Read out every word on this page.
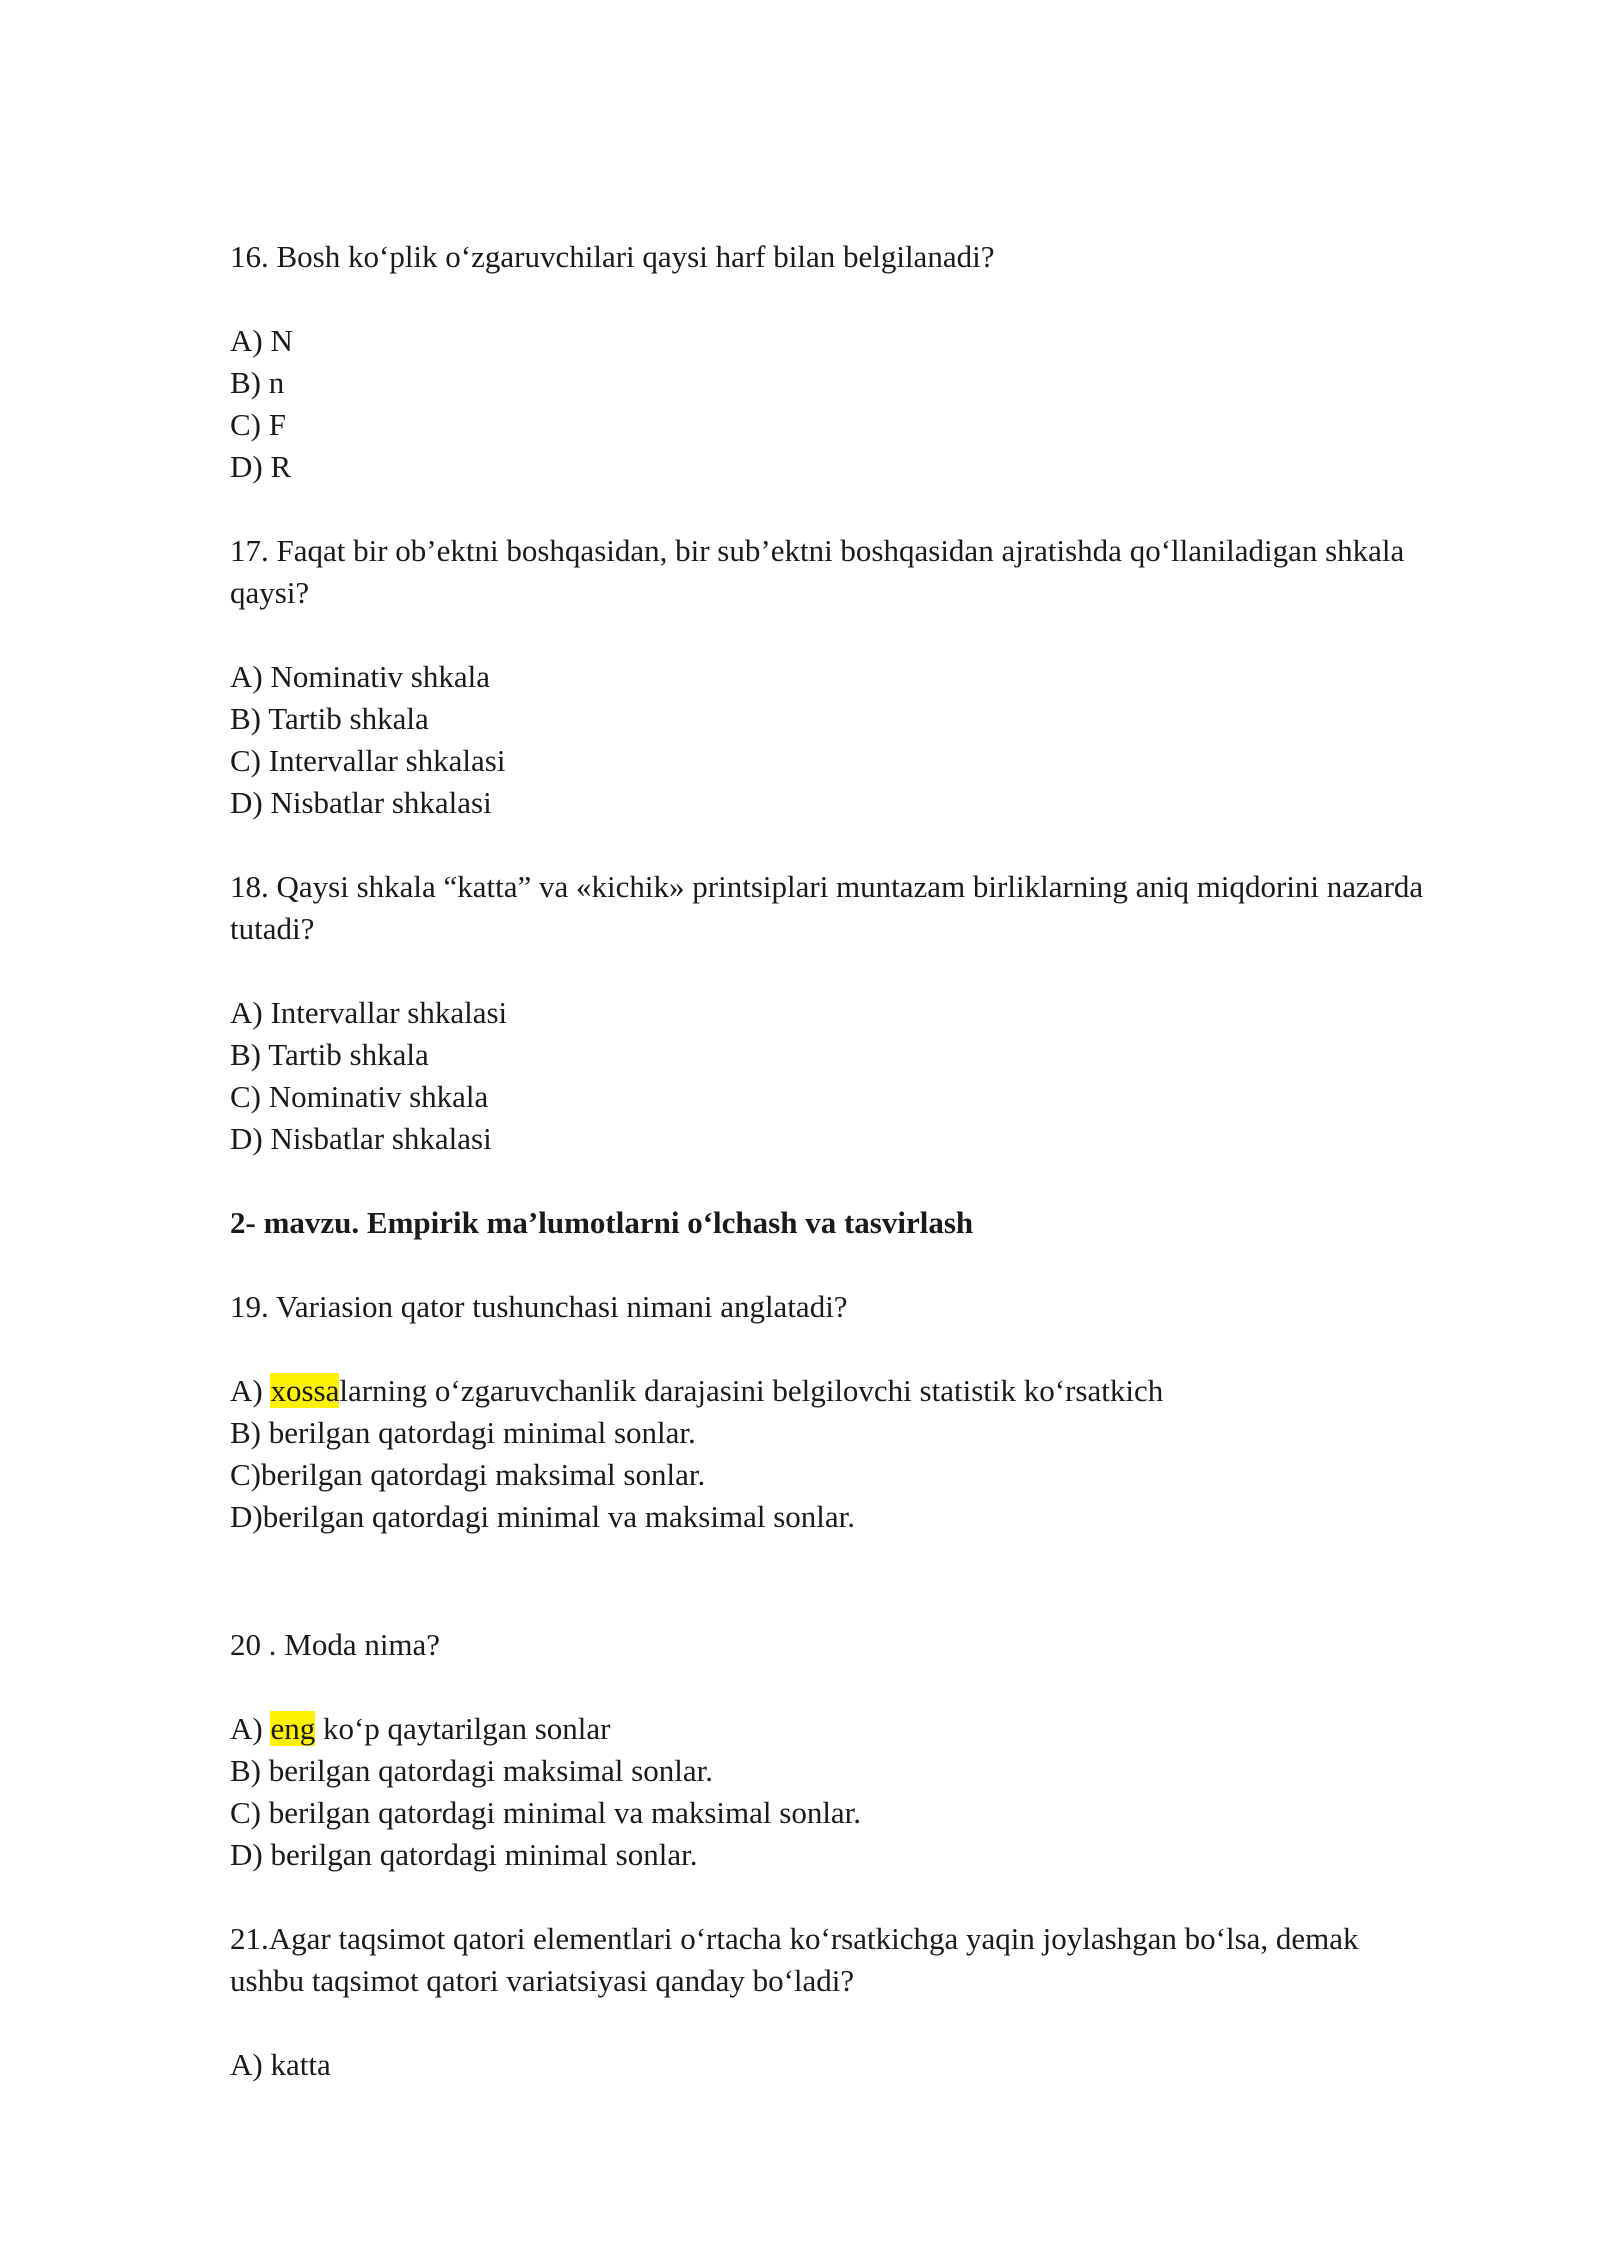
16. Bosh ko‘plik o‘zgaruvchilari qaysi harf bilan belgilanadi?

A) N

B) n

C) F

D) R

17. Faqat bir ob’ektni boshqasidan, bir sub’ektni boshqasidan ajratishda qo‘llaniladigan shkala

qaysi?

A) Nominativ shkala

B) Tartib shkala

C) Intervallar shkalasi

D) Nisbatlar shkalasi

18. Qaysi shkala “katta” va «kichik» printsiplari muntazam birliklarning aniq miqdorini nazarda

tutadi?

A) Intervallar shkalasi

B) Tartib shkala

C) Nominativ shkala

D) Nisbatlar shkalasi

2- mavzu. Empirik ma’lumotlarni o‘lchash va tasvirlash

19. Variasion qator tushunchasi nimani anglatadi?

A) xossalarning o‘zgaruvchanlik darajasini belgilovchi statistik ko‘rsatkich

B) berilgan qatordagi minimal sonlar.

C)berilgan qatordagi maksimal sonlar.

D)berilgan qatordagi minimal va maksimal sonlar.

20 . Moda nima?

A) eng ko‘p qaytarilgan sonlar

B) berilgan qatordagi maksimal sonlar.

C) berilgan qatordagi minimal va maksimal sonlar.

D) berilgan qatordagi minimal sonlar.

21.Agar taqsimot qatori elementlari o‘rtacha ko‘rsatkichga yaqin joylashgan bo‘lsa, demak

ushbu taqsimot qatori variatsiyasi qanday bo‘ladi?

A) katta
